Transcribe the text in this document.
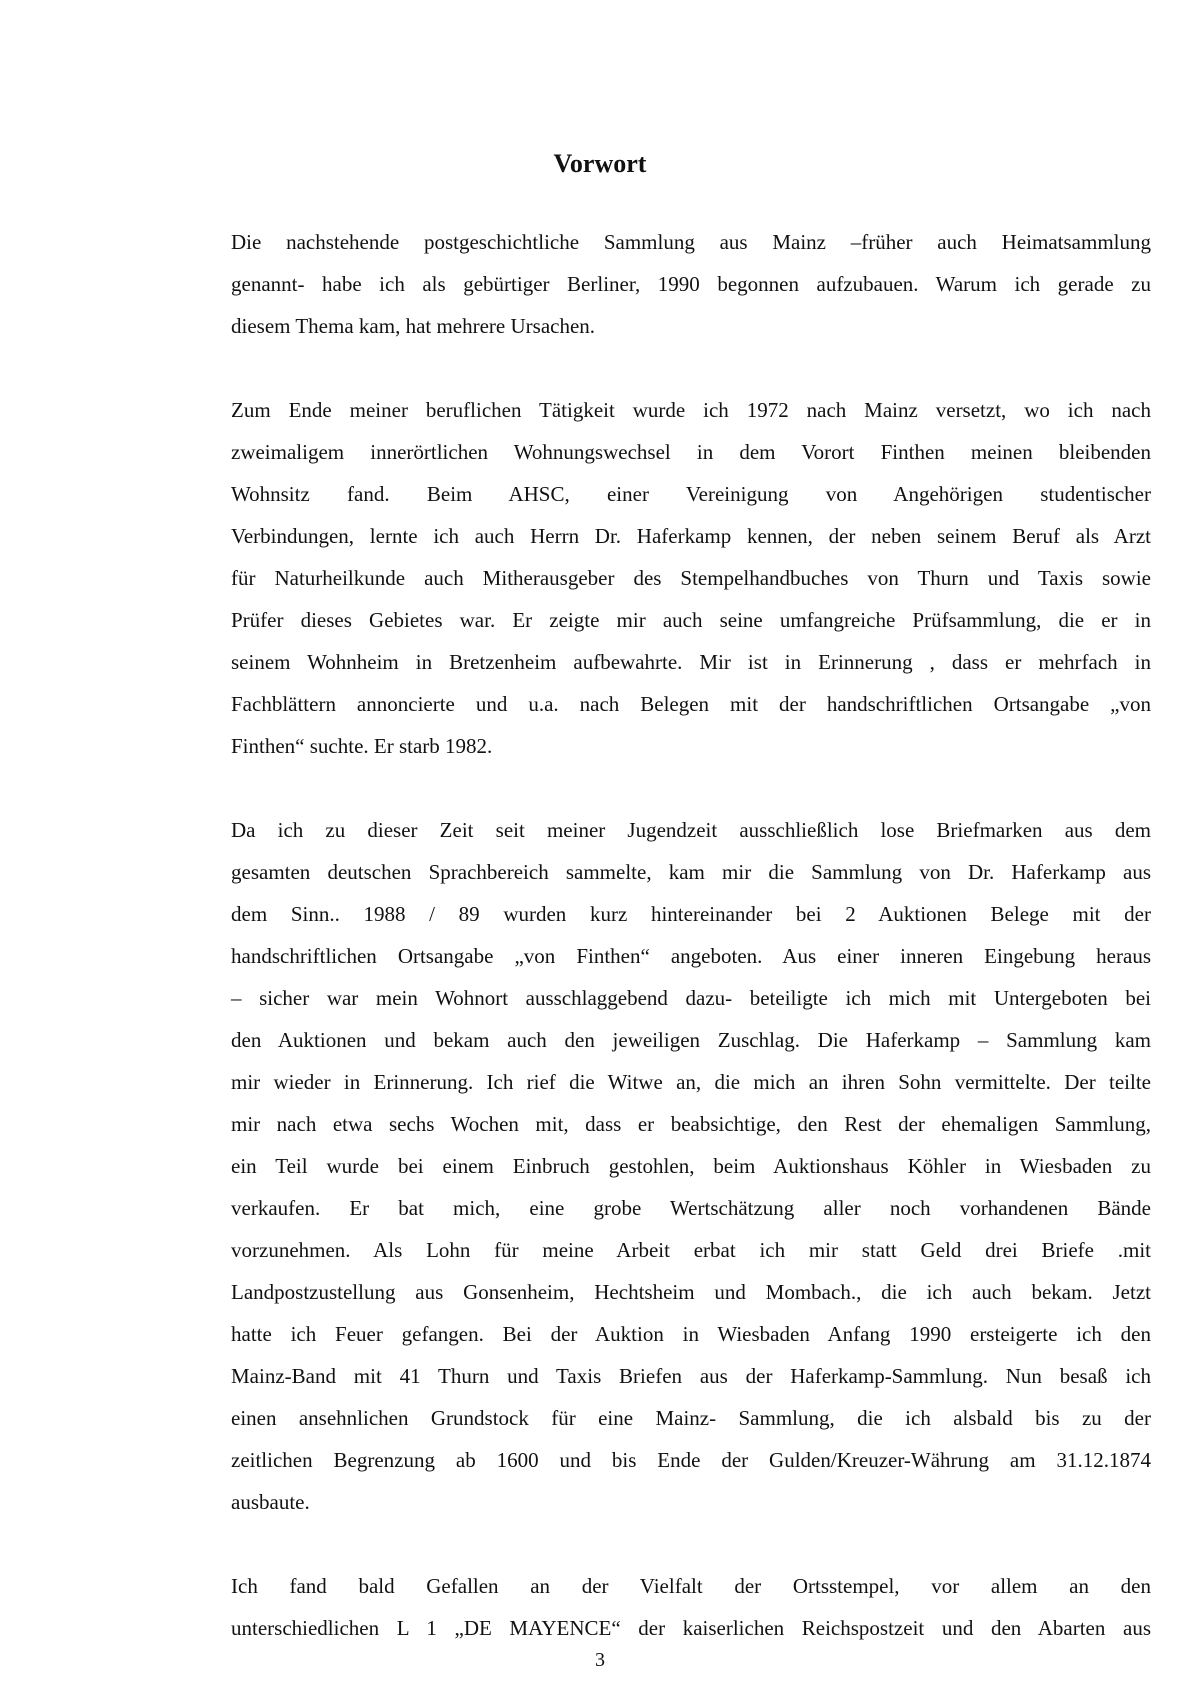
Vorwort
Die nachstehende postgeschichtliche Sammlung aus Mainz –früher auch Heimatsammlung
genannt- habe ich als gebürtiger Berliner, 1990 begonnen aufzubauen. Warum ich gerade zu
diesem Thema kam, hat mehrere Ursachen.
Zum Ende meiner beruflichen Tätigkeit wurde ich 1972 nach Mainz versetzt, wo ich nach
zweimaligem innerörtlichen Wohnungswechsel in dem Vorort Finthen meinen bleibenden
Wohnsitz fand. Beim AHSC, einer Vereinigung von Angehörigen studentischer
Verbindungen, lernte ich auch Herrn Dr. Haferkamp kennen, der neben seinem Beruf als Arzt
für Naturheilkunde auch Mitherausgeber des Stempelhandbuches von Thurn und Taxis sowie
Prüfer dieses Gebietes war. Er zeigte mir auch seine umfangreiche Prüfsammlung, die er in
seinem Wohnheim in Bretzenheim aufbewahrte. Mir ist in Erinnerung , dass er mehrfach in
Fachblättern annoncierte und u.a. nach Belegen mit der handschriftlichen Ortsangabe „von
Finthen“ suchte. Er starb 1982.
Da ich zu dieser Zeit seit meiner Jugendzeit ausschließlich lose Briefmarken aus dem
gesamten deutschen Sprachbereich sammelte, kam mir die Sammlung von Dr. Haferkamp aus
dem Sinn.. 1988 / 89 wurden kurz hintereinander bei 2 Auktionen Belege mit der
handschriftlichen Ortsangabe „von Finthen“ angeboten. Aus einer inneren Eingebung heraus
– sicher war mein Wohnort ausschlaggebend dazu- beteiligte ich mich mit Untergeboten bei
den Auktionen und bekam auch den jeweiligen Zuschlag. Die Haferkamp – Sammlung kam
mir wieder in Erinnerung. Ich rief die Witwe an, die mich an ihren Sohn vermittelte. Der teilte
mir nach etwa sechs Wochen mit, dass er beabsichtige, den Rest der ehemaligen Sammlung,
ein Teil wurde bei einem Einbruch gestohlen, beim Auktionshaus Köhler in Wiesbaden zu
verkaufen. Er bat mich, eine grobe Wertschätzung aller noch vorhandenen Bände
vorzunehmen. Als Lohn für meine Arbeit erbat ich mir statt Geld drei Briefe .mit
Landpostzustellung aus Gonsenheim, Hechtsheim und Mombach., die ich auch bekam. Jetzt
hatte ich Feuer gefangen. Bei der Auktion in Wiesbaden Anfang 1990 ersteigerte ich den
Mainz-Band mit 41 Thurn und Taxis Briefen aus der Haferkamp-Sammlung. Nun besaß ich
einen ansehnlichen Grundstock für eine Mainz- Sammlung, die ich alsbald bis zu der
zeitlichen Begrenzung ab 1600 und bis Ende der Gulden/Kreuzer-Währung am 31.12.1874
ausbaute.
Ich fand bald Gefallen an der Vielfalt der Ortsstempel, vor allem an den
unterschiedlichen L 1 „DE MAYENCE“ der kaiserlichen Reichspostzeit und den Abarten aus
3
